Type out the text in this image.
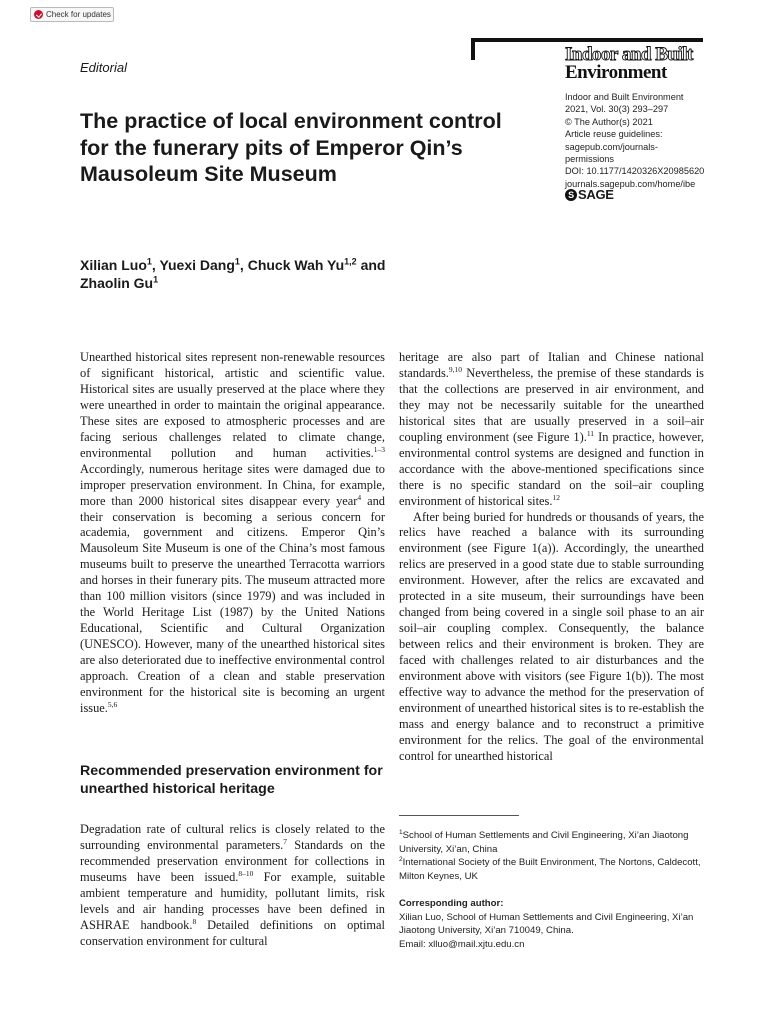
Check for updates
Editorial
Indoor and Built
Environment
Indoor and Built Environment
2021, Vol. 30(3) 293–297
© The Author(s) 2021
Article reuse guidelines:
sagepub.com/journals-
permissions
DOI: 10.1177/1420326X20985620
journals.sagepub.com/home/ibe
S SAGE
The practice of local environment control for the funerary pits of Emperor Qin’s Mausoleum Site Museum
Xilian Luo$^1$, Yuexi Dang$^1$, Chuck Wah Yu$^{1,2}$ and
Zhaolin Gu$^1$

Unearthed historical sites represent non-renewable resources of significant historical, artistic and scientific value. Historical sites are usually preserved at the place where they were unearthed in order to maintain the original appearance. These sites are exposed to atmospheric processes and are facing serious challenges related to climate change, environmental pollution and human activities.$^{1-3}$ Accordingly, numerous heritage sites were damaged due to improper preservation environment. In China, for example, more than 2000 historical sites disappear every year$^4$ and their conservation is becoming a serious concern for academia, government and citizens. Emperor Qin’s Mausoleum Site Museum is one of the China’s most famous museums built to preserve the unearthed Terracotta warriors and horses in their funerary pits. The museum attracted more than 100 million visitors (since 1979) and was included in the World Heritage List (1987) by the United Nations Educational, Scientific and Cultural Organization (UNESCO). However, many of the unearthed historical sites are also deteriorated due to ineffective environmental control approach. Creation of a clean and stable preservation environment for the historical site is becoming an urgent issue.$^{5,6}$

Recommended preservation environment for unearthed historical heritage

Degradation rate of cultural relics is closely related to the surrounding environmental parameters.$^7$ Standards on the recommended preservation environment for collections in museums have been issued.$^{8-10}$ For example, suitable ambient temperature and humidity, pollutant limits, risk levels and air handing processes have been defined in ASHRAE handbook.$^8$ Detailed definitions on optimal conservation environment for cultural

heritage are also part of Italian and Chinese national standards.$^{9,10}$ Nevertheless, the premise of these standards is that the collections are preserved in air environment, and they may not be necessarily suitable for the unearthed historical sites that are usually preserved in a soil–air coupling environment (see Figure 1).$^{11}$ In practice, however, environmental control systems are designed and function in accordance with the above-mentioned specifications since there is no specific standard on the soil–air coupling environment of historical sites.$^{12}$

After being buried for hundreds or thousands of years, the relics have reached a balance with its surrounding environment (see Figure 1(a)). Accordingly, the unearthed relics are preserved in a good state due to stable surrounding environment. However, after the relics are excavated and protected in a site museum, their surroundings have been changed from being covered in a single soil phase to an air soil–air coupling complex. Consequently, the balance between relics and their environment is broken. They are faced with challenges related to air disturbances and the environment above with visitors (see Figure 1(b)). The most effective way to advance the method for the preservation of environment of unearthed historical sites is to re-establish the mass and energy balance and to reconstruct a primitive environment for the relics. The goal of the environmental control for unearthed historical

$^1$School of Human Settlements and Civil Engineering, Xi’an Jiaotong University, Xi’an, China

$^2$International Society of the Built Environment, The Nortons, Caldecott, Milton Keynes, UK

Corresponding author:

Xilian Luo, School of Human Settlements and Civil Engineering, Xi’an Jiaotong University, Xi’an 710049, China.

Email: xlluo@mail.xjtu.edu.cn
